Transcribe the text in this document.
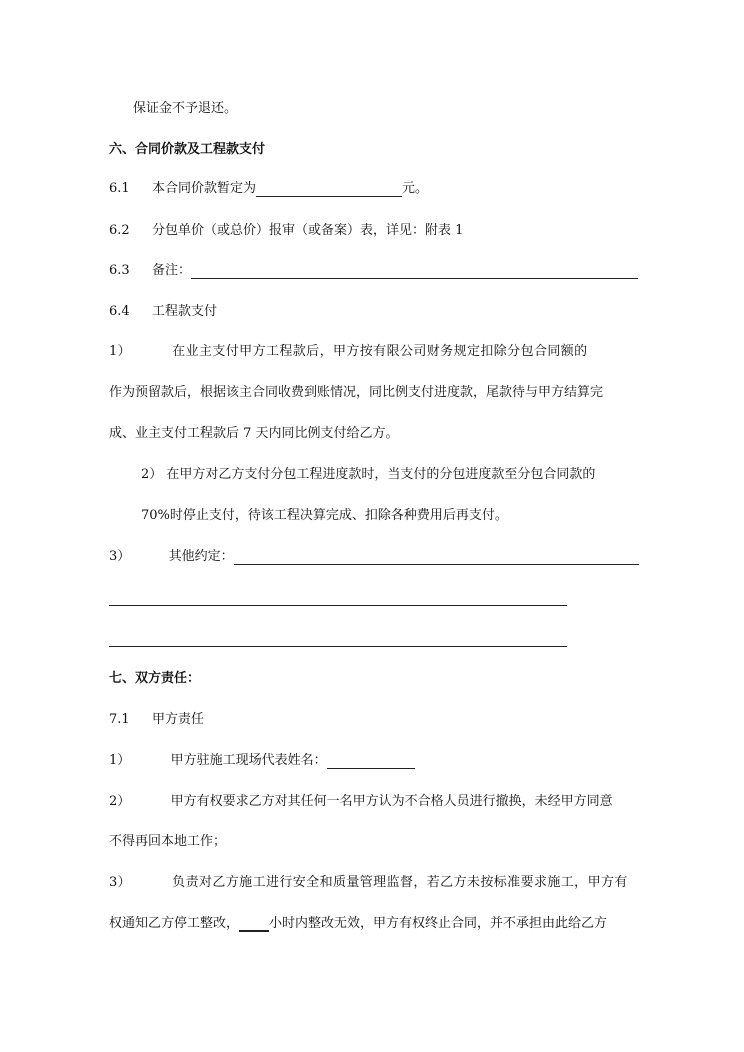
保证金不予退还。
六、合同价款及工程款支付
6.1 本合同价款暂定为	元。
6.2 分包单价（或总价）报审（或备案）表，详见：附表 1
6.3 备注：
6.4 工程款支付
1）	在业主支付甲方工程款后，甲方按有限公司财务规定扣除分包合同额的
作为预留款后，根据该主合同收费到账情况，同比例支付进度款，尾款待与甲方结算完
成、业主支付工程款后 7 天内同比例支付给乙方。
2） 在甲方对乙方支付分包工程进度款时，当支付的分包进度款至分包合同款的
70%时停止支付，待该工程决算完成、扣除各种费用后再支付。
3）	其他约定：
七、双方责任：
7.1 甲方责任
1）	甲方驻施工现场代表姓名：
2）	甲方有权要求乙方对其任何一名甲方认为不合格人员进行撤换，未经甲方同意
不得再回本地工作；
3）	负责对乙方施工进行安全和质量管理监督，若乙方未按标准要求施工，甲方有
权通知乙方停工整改， 小时内整改无效，甲方有权终止合同，并不承担由此给乙方
